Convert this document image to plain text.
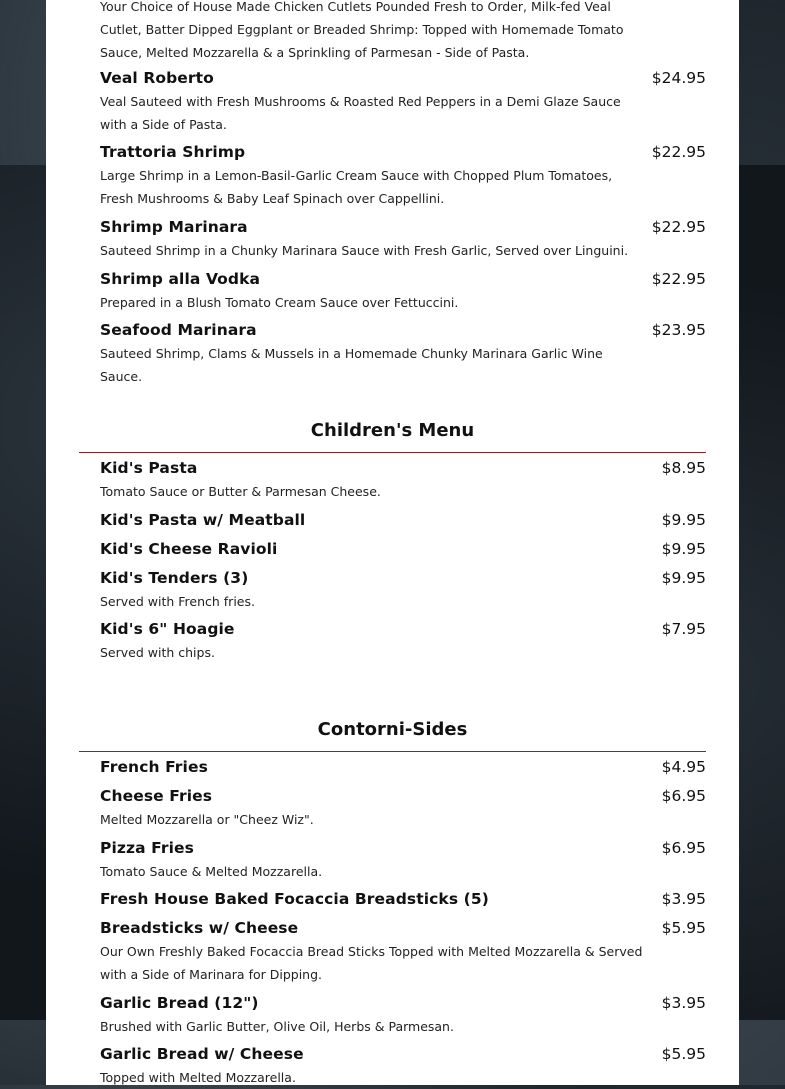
Your Choice of House Made Chicken Cutlets Pounded Fresh to Order, Milk-fed Veal Cutlet, Batter Dipped Eggplant or Breaded Shrimp: Topped with Homemade Tomato Sauce, Melted Mozzarella & a Sprinkling of Parmesan - Side of Pasta.
Veal Roberto	$24.95
Veal Sauteed with Fresh Mushrooms & Roasted Red Peppers in a Demi Glaze Sauce with a Side of Pasta.
Trattoria Shrimp	$22.95
Large Shrimp in a Lemon-Basil-Garlic Cream Sauce with Chopped Plum Tomatoes, Fresh Mushrooms & Baby Leaf Spinach over Cappellini.
Shrimp Marinara	$22.95
Sauteed Shrimp in a Chunky Marinara Sauce with Fresh Garlic, Served over Linguini.
Shrimp alla Vodka	$22.95
Prepared in a Blush Tomato Cream Sauce over Fettuccini.
Seafood Marinara	$23.95
Sauteed Shrimp, Clams & Mussels in a Homemade Chunky Marinara Garlic Wine Sauce.
Children's Menu
Kid's Pasta	$8.95
Tomato Sauce or Butter & Parmesan Cheese.
Kid's Pasta w/ Meatball	$9.95
Kid's Cheese Ravioli	$9.95
Kid's Tenders (3)	$9.95
Served with French fries.
Kid's 6" Hoagie	$7.95
Served with chips.
Contorni-Sides
French Fries	$4.95
Cheese Fries	$6.95
Melted Mozzarella or "Cheez Wiz".
Pizza Fries	$6.95
Tomato Sauce & Melted Mozzarella.
Fresh House Baked Focaccia Breadsticks (5)	$3.95
Breadsticks w/ Cheese	$5.95
Our Own Freshly Baked Focaccia Bread Sticks Topped with Melted Mozzarella & Served with a Side of Marinara for Dipping.
Garlic Bread (12")	$3.95
Brushed with Garlic Butter, Olive Oil, Herbs & Parmesan.
Garlic Bread w/ Cheese	$5.95
Topped with Melted Mozzarella.
